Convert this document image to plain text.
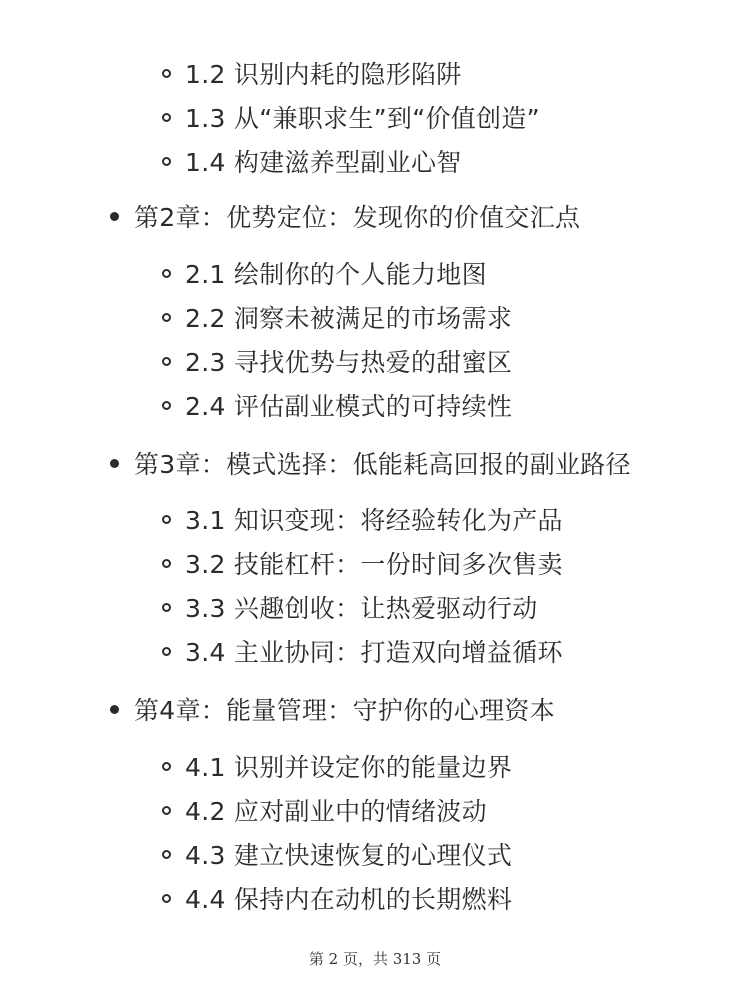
1.2 识别内耗的隐形陷阱
1.3 从“兼职求生”到“价值创造”
1.4 构建滋养型副业心智
第2章：优势定位：发现你的价值交汇点
2.1 绘制你的个人能力地图
2.2 洞察未被满足的市场需求
2.3 寻找优势与热爱的甜蜜区
2.4 评估副业模式的可持续性
第3章：模式选择：低能耗高回报的副业路径
3.1 知识变现：将经验转化为产品
3.2 技能杠杆：一份时间多次售卖
3.3 兴趣创收：让热爱驱动行动
3.4 主业协同：打造双向增益循环
第4章：能量管理：守护你的心理资本
4.1 识别并设定你的能量边界
4.2 应对副业中的情绪波动
4.3 建立快速恢复的心理仪式
4.4 保持内在动机的长期燃料
第 2 页，共 313 页
